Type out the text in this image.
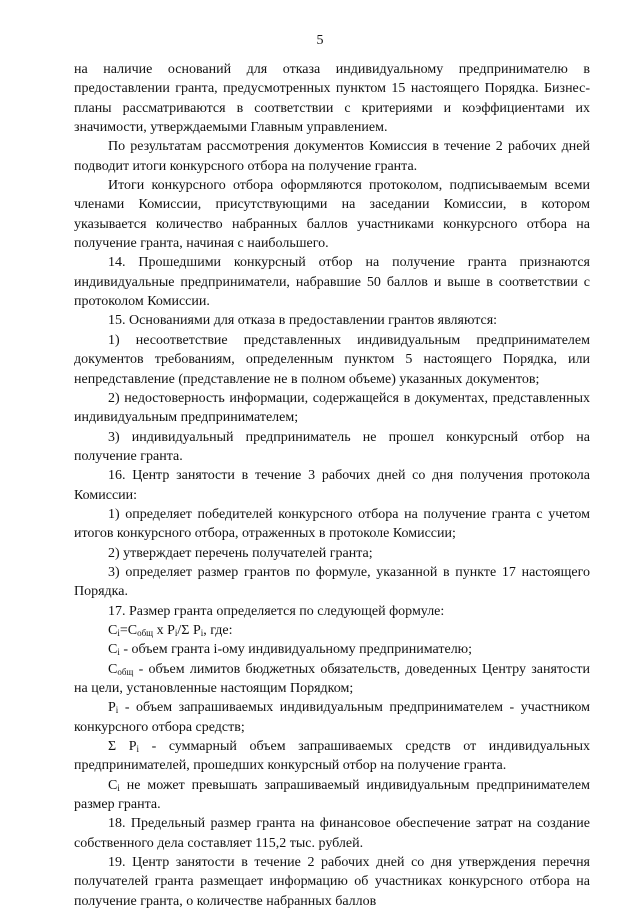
5

на наличие оснований для отказа индивидуальному предпринимателю в предоставлении гранта, предусмотренных пунктом 15 настоящего Порядка. Бизнес-планы рассматриваются в соответствии с критериями и коэффициентами их значимости, утверждаемыми Главным управлением.

По результатам рассмотрения документов Комиссия в течение 2 рабочих дней подводит итоги конкурсного отбора на получение гранта.

Итоги конкурсного отбора оформляются протоколом, подписываемым всеми членами Комиссии, присутствующими на заседании Комиссии, в котором указывается количество набранных баллов участниками конкурсного отбора на получение гранта, начиная с наибольшего.

14. Прошедшими конкурсный отбор на получение гранта признаются индивидуальные предприниматели, набравшие 50 баллов и выше в соответствии с протоколом Комиссии.

15. Основаниями для отказа в предоставлении грантов являются:

1) несоответствие представленных индивидуальным предпринимателем документов требованиям, определенным пунктом 5 настоящего Порядка, или непредставление (представление не в полном объеме) указанных документов;

2) недостоверность информации, содержащейся в документах, представленных индивидуальным предпринимателем;

3) индивидуальный предприниматель не прошел конкурсный отбор на получение гранта.

16. Центр занятости в течение 3 рабочих дней со дня получения протокола Комиссии:

1) определяет победителей конкурсного отбора на получение гранта с учетом итогов конкурсного отбора, отраженных в протоколе Комиссии;

2) утверждает перечень получателей гранта;

3) определяет размер грантов по формуле, указанной в пункте 17 настоящего Порядка.

17. Размер гранта определяется по следующей формуле:

$C_i=C_{общ}$ x $P_i/\Sigma$ $P_i$, где:

$C_i$ - объем гранта i-ому индивидуальному предпринимателю;

$C_{общ}$ - объем лимитов бюджетных обязательств, доведенных Центру занятости на цели, установленные настоящим Порядком;

$P_i$ - объем запрашиваемых индивидуальным предпринимателем - участником конкурсного отбора средств;

Σ $P_i$ - суммарный объем запрашиваемых средств от индивидуальных предпринимателей, прошедших конкурсный отбор на получение гранта.

$C_i$ не может превышать запрашиваемый индивидуальным предпринимателем размер гранта.

18. Предельный размер гранта на финансовое обеспечение затрат на создание собственного дела составляет 115,2 тыс. рублей.

19. Центр занятости в течение 2 рабочих дней со дня утверждения перечня получателей гранта размещает информацию об участниках конкурсного отбора на получение гранта, о количестве набранных баллов
